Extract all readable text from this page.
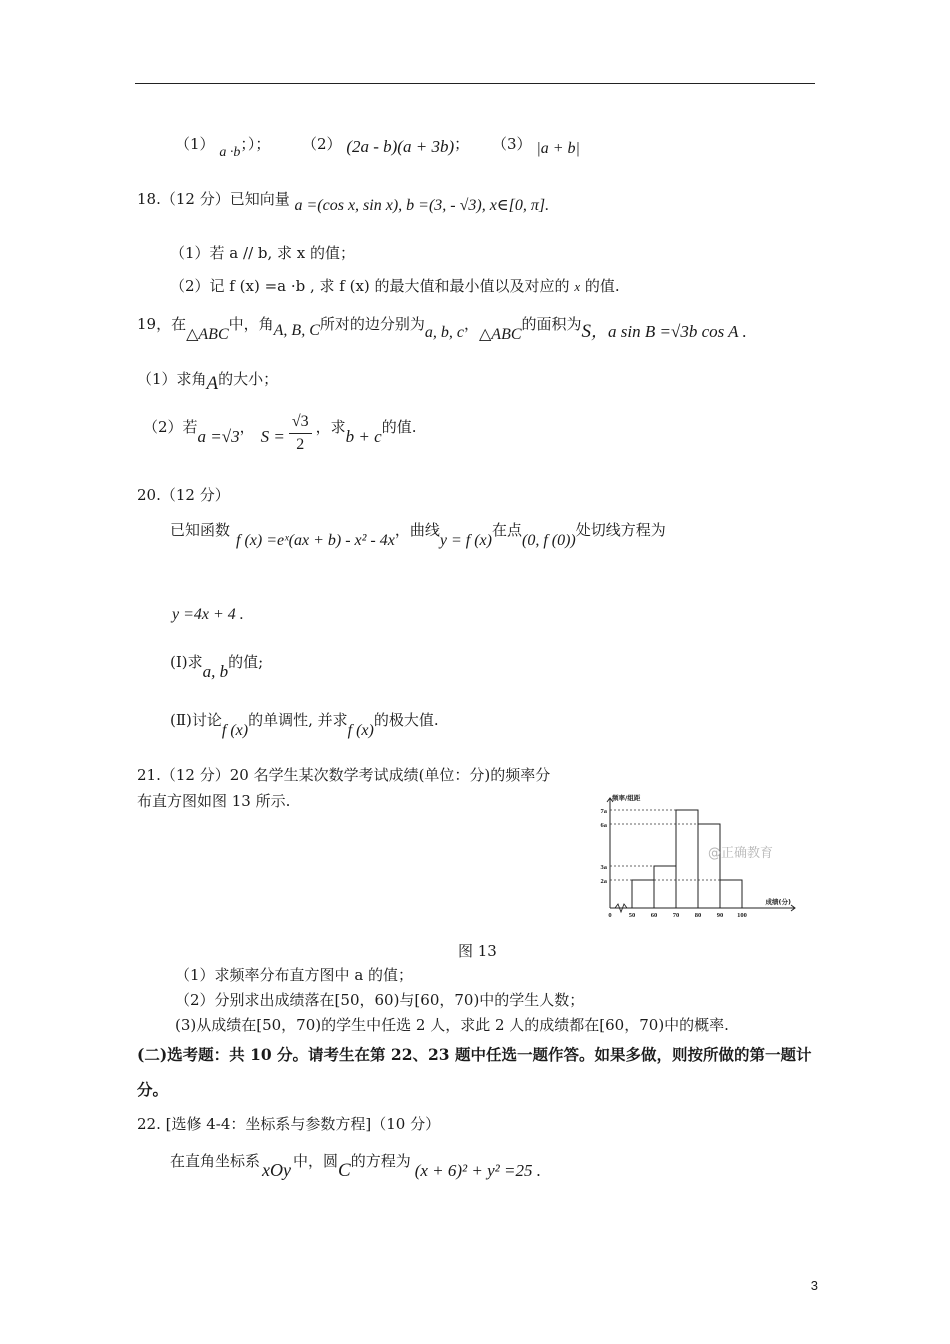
（1） a ·b；）； （2） (2a - b)(a + 3b)； （3） |a + b|
18.（12 分）已知向量 a =(cos x, sin x), b =(3, - √3), x∈[0, π].
（1）若 a // b, 求 x 的值；
（2）记 f (x) =a ·b , 求 f (x) 的最大值和最小值以及对应的 x 的值.
19，在△ABC中，角A, B, C所对的边分别为a, b, c，△ABC的面积为S，a sin B =√3b cos A .
（1）求角A的大小；
（2）若a =√3， $S = \frac{√3}{2}$ ，求b + c的值.
20.（12 分）
已知函数f (x) =eˣ(ax + b) - x² - 4x，曲线y = f (x)在点(0, f (0))处切线方程为
y =4x + 4 .
(Ⅰ)求a, b的值;
(Ⅱ)讨论f (x)的单调性, 并求f (x)的极大值.
21.（12 分）20 名学生某次数学考试成绩(单位：分)的频率分
布直方图如图 13 所示.
7a
6a
3a
2a
0	50 60 70 80 90 100
频率/组距
成绩(分)
@正确教育
图 13
（1）求频率分布直方图中 a 的值；
（2）分别求出成绩落在[50，60)与[60，70)中的学生人数；
(3)从成绩在[50，70)的学生中任选 2 人，求此 2 人的成绩都在[60，70)中的概率.
(二)选考题：共 10 分。请考生在第 22、23 题中任选一题作答。如果多做，则按所做的第一题计
分。
22. [选修 4-4：坐标系与参数方程]（10 分）
在直角坐标系 xOy 中，圆C的方程为 (x + 6)² + y² =25 .
3
